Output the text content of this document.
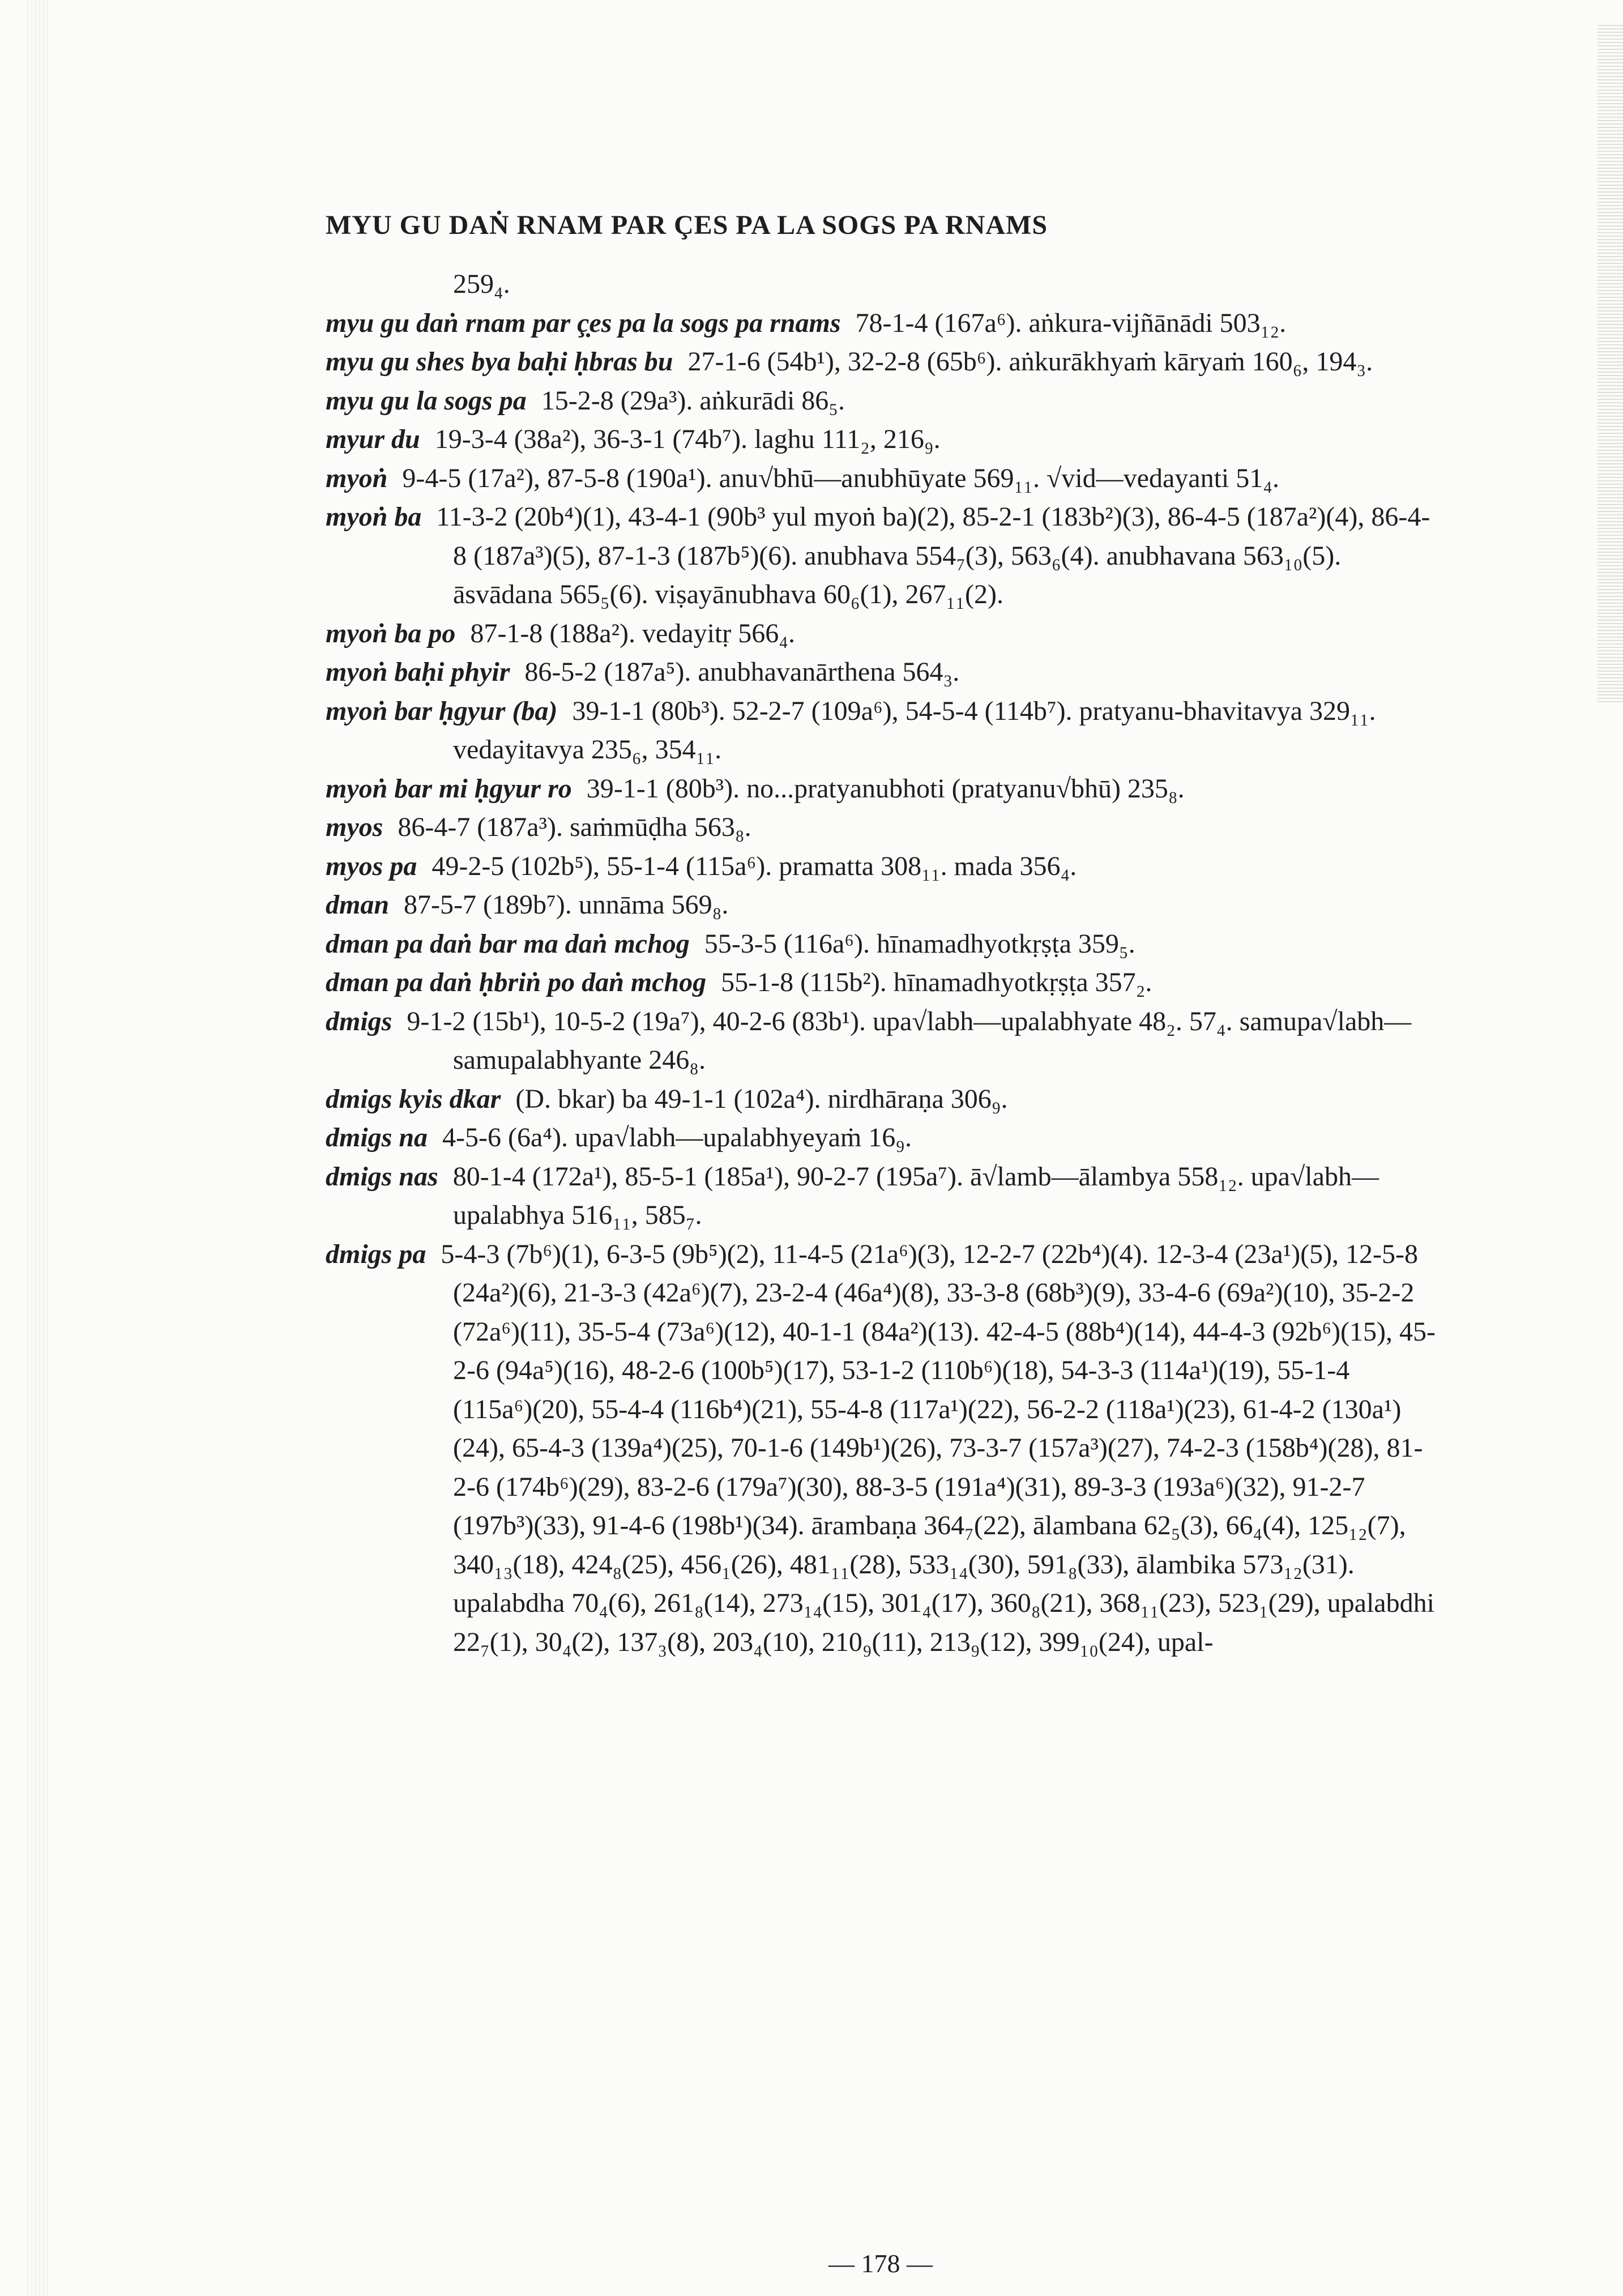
MYU GU DAṄ RNAM PAR ÇES PA LA SOGS PA RNAMS
259₄.
myu gu daṅ rnam par ç̣es pa la sogs pa rnams 78-1-4 (167a⁶). aṅkura-vijñānādi 503₁₂.
myu gu shes bya baḥi ḥbras bu 27-1-6 (54b¹), 32-2-8 (65b⁶). aṅkurākhyaṁ kāryaṁ 160₆, 194₃.
myu gu la sogs pa 15-2-8 (29a³). aṅkurādi 86₅.
myur du 19-3-4 (38a²), 36-3-1 (74b⁷). laghu 111₂, 216₉.
myoṅ 9-4-5 (17a²), 87-5-8 (190a¹). anu√bhū—anubhūyate 569₁₁. √vid—vedayanti 51₄.
myoṅ ba 11-3-2 (20b⁴)(1), 43-4-1 (90b³ yul myoṅ ba)(2), 85-2-1 (183b²)(3), 86-4-5 (187a²)(4), 86-4-8 (187a³)(5), 87-1-3 (187b⁵)(6). anubhava 554₇(3), 563₆(4). anubhavana 563₁₀(5). āsvādana 565₅(6). viṣayānubhava 60₆(1), 267₁₁(2).
myoṅ ba po 87-1-8 (188a²). vedayitṛ 566₄.
myoṅ baḥi phyir 86-5-2 (187a⁵). anubhavanārthena 564₃.
myoṅ bar ḥgyur (ba) 39-1-1 (80b³). 52-2-7 (109a⁶), 54-5-4 (114b⁷). pratyanu-bhavitavya 329₁₁. vedayitavya 235₆, 354₁₁.
myoṅ bar mi ḥgyur ro 39-1-1 (80b³). no...pratyanubhoti (pratyanu√bhū) 235₈.
myos 86-4-7 (187a³). saṁmūḍha 563₈.
myos pa 49-2-5 (102b⁵), 55-1-4 (115a⁶). pramatta 308₁₁. mada 356₄.
dman 87-5-7 (189b⁷). unnāma 569₈.
dman pa daṅ bar ma daṅ mchog 55-3-5 (116a⁶). hīnamadhyotkṛṣṭa 359₅.
dman pa daṅ ḥbriṅ po daṅ mchog 55-1-8 (115b²). hīnamadhyotkṛṣṭa 357₂.
dmigs 9-1-2 (15b¹), 10-5-2 (19a⁷), 40-2-6 (83b¹). upa√labh—upalabhyate 48₂. 57₄. samupa√labh—samupalabhyante 246₈.
dmigs kyis dkar (D. bkar) ba 49-1-1 (102a⁴). nirdhāraṇa 306₉.
dmigs na 4-5-6 (6a⁴). upa√labh—upalabhyeyaṁ 16₉.
dmigs nas 80-1-4 (172a¹), 85-5-1 (185a¹), 90-2-7 (195a⁷). ā√lamb—ālambya 558₁₂. upa√labh—upalabhya 516₁₁, 585₇.
dmigs pa 5-4-3 (7b⁶)(1), 6-3-5 (9b⁵)(2), 11-4-5 (21a⁶)(3), 12-2-7 (22b⁴)(4). 12-3-4 (23a¹)(5), 12-5-8 (24a²)(6), 21-3-3 (42a⁶)(7), 23-2-4 (46a⁴)(8), 33-3-8 (68b³)(9), 33-4-6 (69a²)(10), 35-2-2 (72a⁶)(11), 35-5-4 (73a⁶)(12), 40-1-1 (84a²)(13). 42-4-5 (88b⁴)(14), 44-4-3 (92b⁶)(15), 45-2-6 (94a⁵)(16), 48-2-6 (100b⁵)(17), 53-1-2 (110b⁶)(18), 54-3-3 (114a¹)(19), 55-1-4 (115a⁶)(20), 55-4-4 (116b⁴)(21), 55-4-8 (117a¹)(22), 56-2-2 (118a¹)(23), 61-4-2 (130a¹)(24), 65-4-3 (139a⁴)(25), 70-1-6 (149b¹)(26), 73-3-7 (157a³)(27), 74-2-3 (158b⁴)(28), 81-2-6 (174b⁶)(29), 83-2-6 (179a⁷)(30), 88-3-5 (191a⁴)(31), 89-3-3 (193a⁶)(32), 91-2-7 (197b³)(33), 91-4-6 (198b¹)(34). ārambaṇa 364₇(22), ālambana 62₅(3), 66₄(4), 125₁₂(7), 340₁₃(18), 424₈(25), 456₁(26), 481₁₁(28), 533₁₄(30), 591₈(33), ālambika 573₁₂(31). upalabdha 70₄(6), 261₈(14), 273₁₄(15), 301₄(17), 360₈(21), 368₁₁(23), 523₁(29), upalabdhi 22₇(1), 30₄(2), 137₃(8), 203₄(10), 210₉(11), 213₉(12), 399₁₀(24), upal-
— 178 —
